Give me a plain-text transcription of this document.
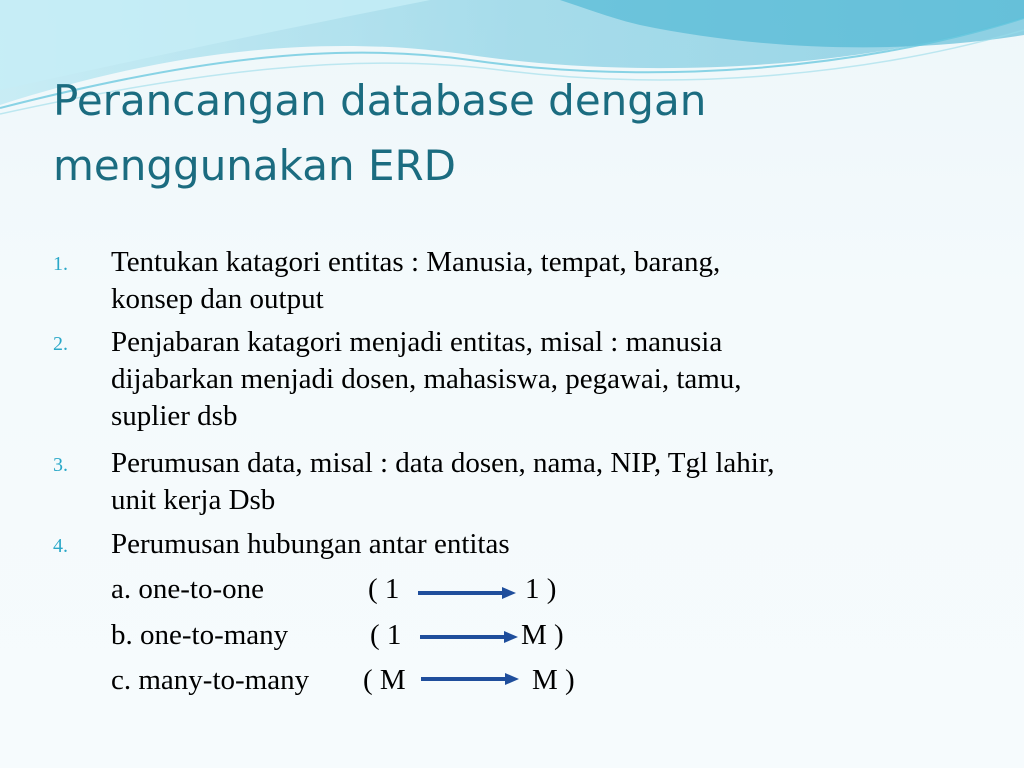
Perancangan database dengan
menggunakan ERD
1. Tentukan katagori entitas : Manusia, tempat, barang,
konsep dan output
2. Penjabaran katagori menjadi entitas, misal : manusia
dijabarkan menjadi dosen, mahasiswa, pegawai, tamu,
suplier dsb
3. Perumusan data, misal : data dosen, nama, NIP, Tgl lahir,
unit kerja Dsb
4. Perumusan hubungan antar entitas
a. one-to-one	( 1	1 )
b. one-to-many	( 1	M )
c. many-to-many ( M	M )
